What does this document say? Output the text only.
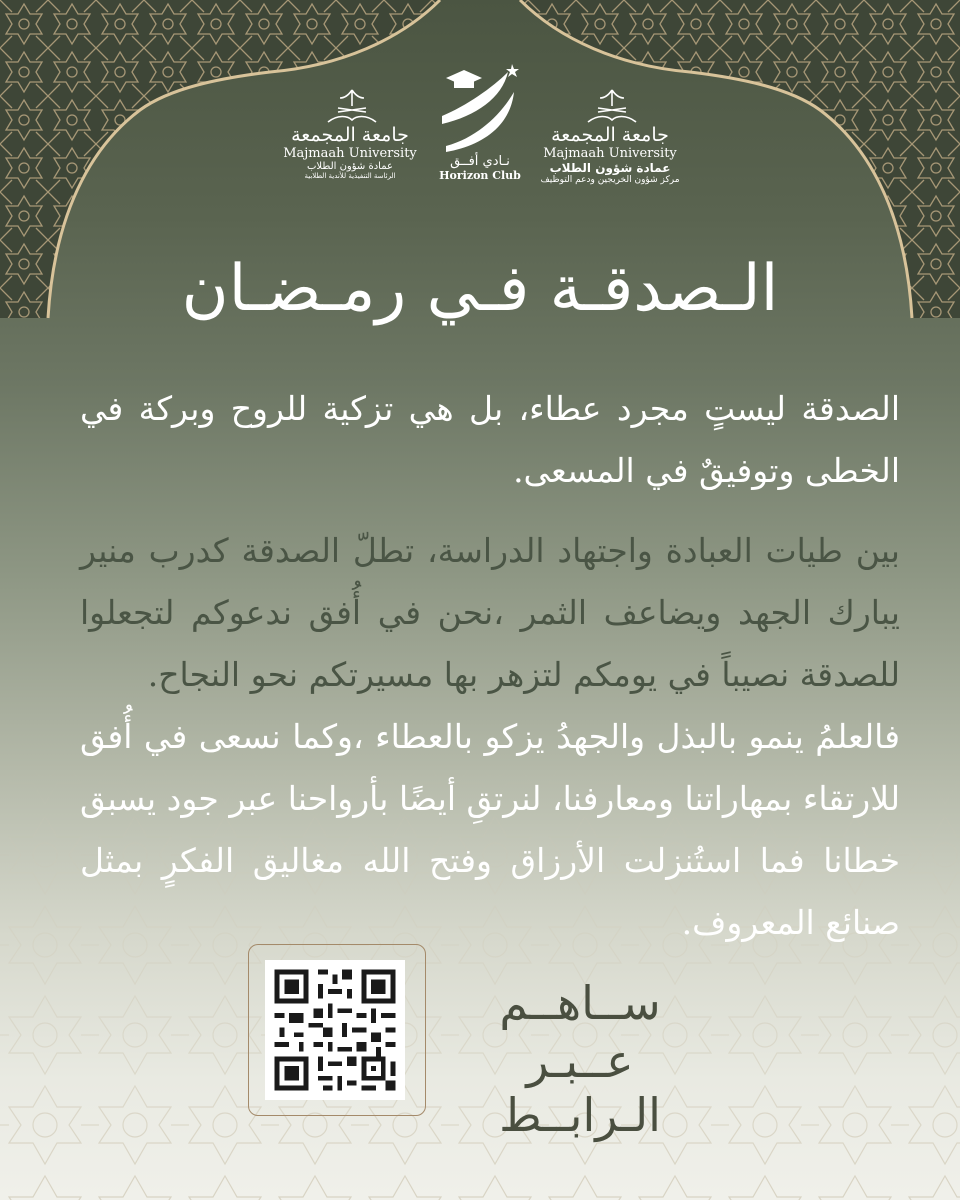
جامعة المجمعة
Majmaah University
عمادة شؤون الطلاب
مركز شؤون الخريجين ودعم التوظيف
نـادي أفــق
Horizon Club
جامعة المجمعة
Majmaah University
عمادة شؤون الطلاب
الرئاسة التنفيذية للأندية الطلابية
الـصدقـة فـي رمـضـان

الصدقة ليستٍ مجرد عطاء، بل هي تزكية للروح وبركة في الخطى وتوفيقٌ في المسعى.

بين طيات العبادة واجتهاد الدراسة، تطلّ الصدقة كدرب منير يبارك الجهد ويضاعف الثمر ،نحن في أُفق ندعوكم لتجعلوا للصدقة نصيباً في يومكم لتزهر بها مسيرتكم نحو النجاح.

فالعلمُ ينمو بالبذل والجهدُ يزكو بالعطاء ،وكما نسعى في أُفق للارتقاء بمهاراتنا ومعارفنا، لنرتقِ أيضًا بأرواحنا عبر جود يسبق خطانا فما استُنزلت الأرزاق وفتح الله مغاليق الفكرٍ بمثل صنائع المعروف.

ســاهــم
عــبـر الـرابــط
